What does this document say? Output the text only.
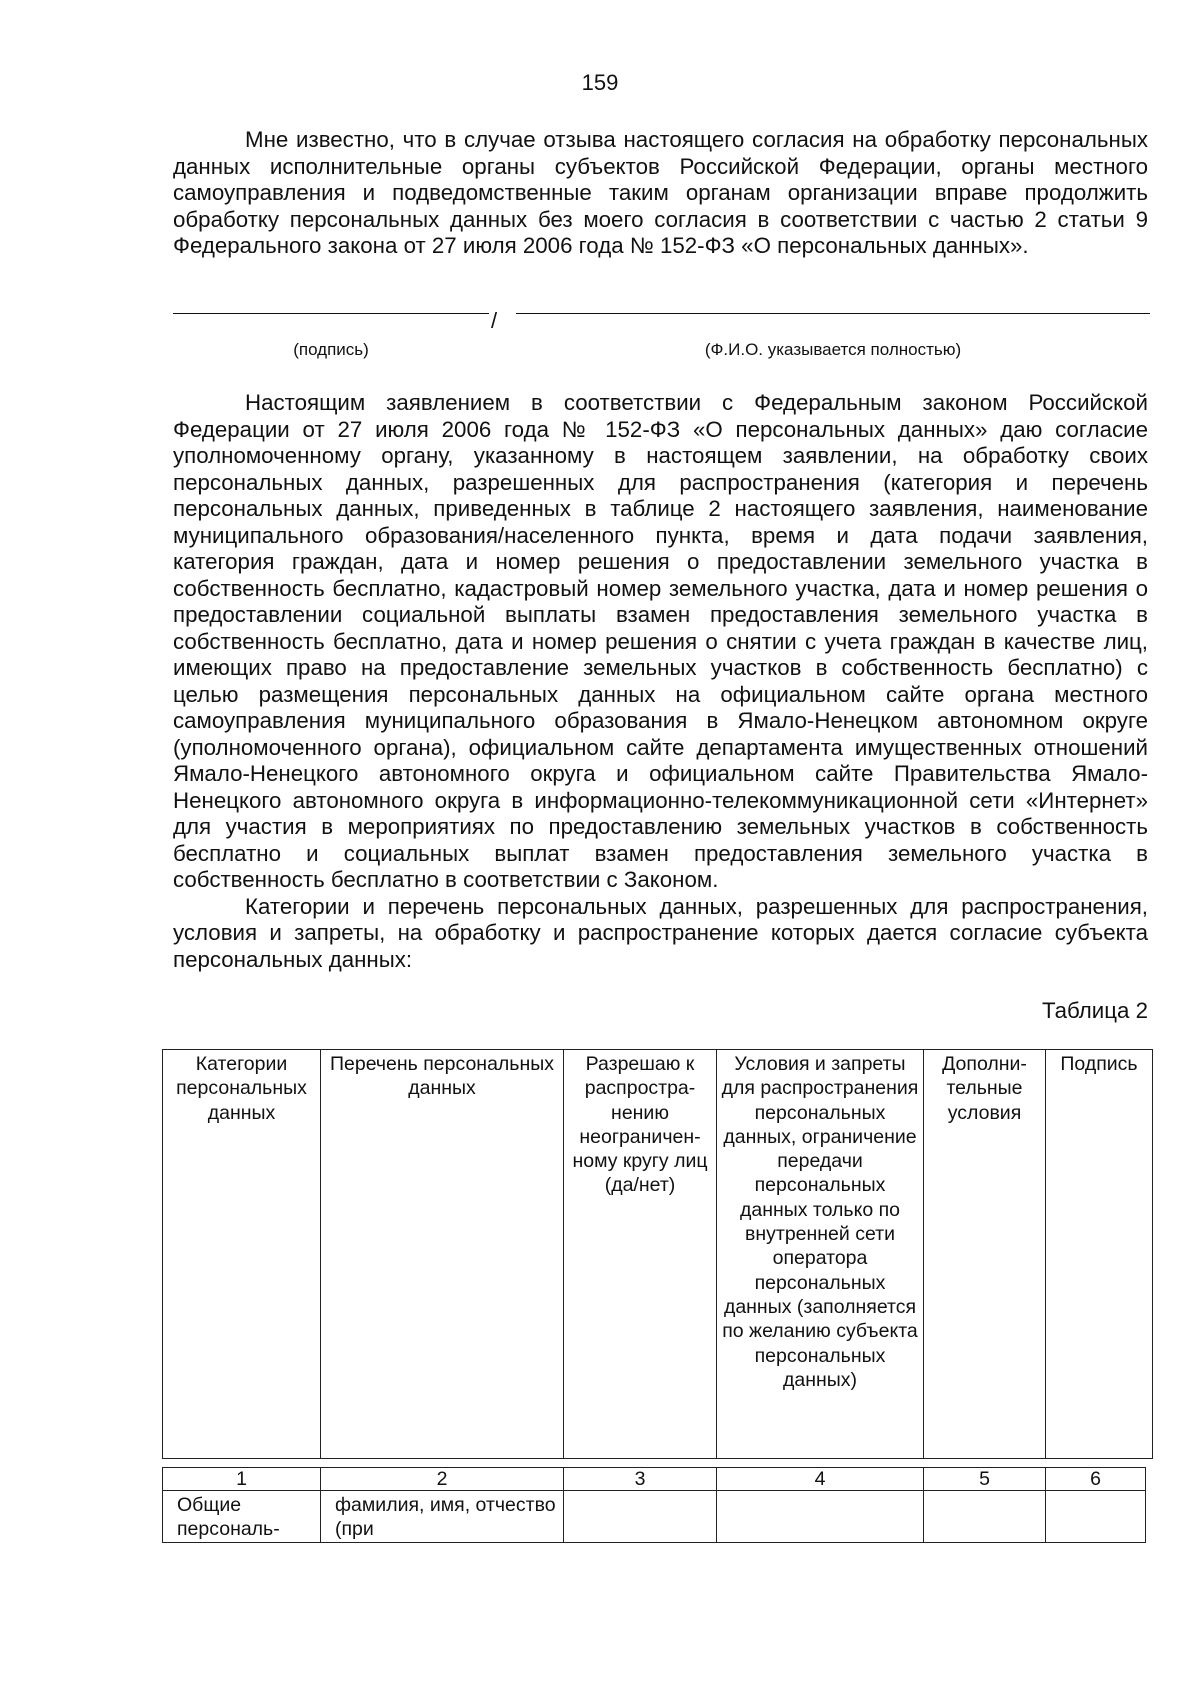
159

Мне известно, что в случае отзыва настоящего согласия на обработку персональных данных исполнительные органы субъектов Российской Федерации, органы местного самоуправления и подведомственные таким органам организации вправе продолжить обработку персональных данных без моего согласия в соответствии с частью 2 статьи 9 Федерального закона от 27 июля 2006 года № 152-ФЗ «О персональных данных».

/
(подпись)	(Ф.И.О. указывается полностью)

Настоящим заявлением в соответствии с Федеральным законом Российской Федерации от 27 июля 2006 года № 152-ФЗ «О персональных данных» даю согласие уполномоченному органу, указанному в настоящем заявлении, на обработку своих персональных данных, разрешенных для распространения (категория и перечень персональных данных, приведенных в таблице 2 настоящего заявления, наименование муниципального образования/населенного пункта, время и дата подачи заявления, категория граждан, дата и номер решения о предоставлении земельного участка в собственность бесплатно, кадастровый номер земельного участка, дата и номер решения о предоставлении социальной выплаты взамен предоставления земельного участка в собственность бесплатно, дата и номер решения о снятии с учета граждан в качестве лиц, имеющих право на предоставление земельных участков в собственность бесплатно) с целью размещения персональных данных на официальном сайте органа местного самоуправления муниципального образования в Ямало-Ненецком автономном округе (уполномоченного органа), официальном сайте департамента имущественных отношений Ямало-Ненецкого автономного округа и официальном сайте Правительства Ямало-Ненецкого автономного округа в информационно-телекоммуникационной сети «Интернет» для участия в мероприятиях по предоставлению земельных участков в собственность бесплатно и социальных выплат взамен предоставления земельного участка в собственность бесплатно в соответствии с Законом.

Категории и перечень персональных данных, разрешенных для распространения, условия и запреты, на обработку и распространение которых дается согласие субъекта персональных данных:

Таблица 2
Категории персональных данных	Перечень персональных данных	Разрешаю к распростра-нению неограничен-ному кругу лиц (да/нет)	Условия и запреты для распространения персональных данных, ограничение передачи персональных данных только по внутренней сети оператора персональных данных (заполняется по желанию субъекта персональных данных)	Дополни-тельные условия	Подпись
1	2	3	4	5	6
Общие персональ-	фамилия, имя, отчество (при				
